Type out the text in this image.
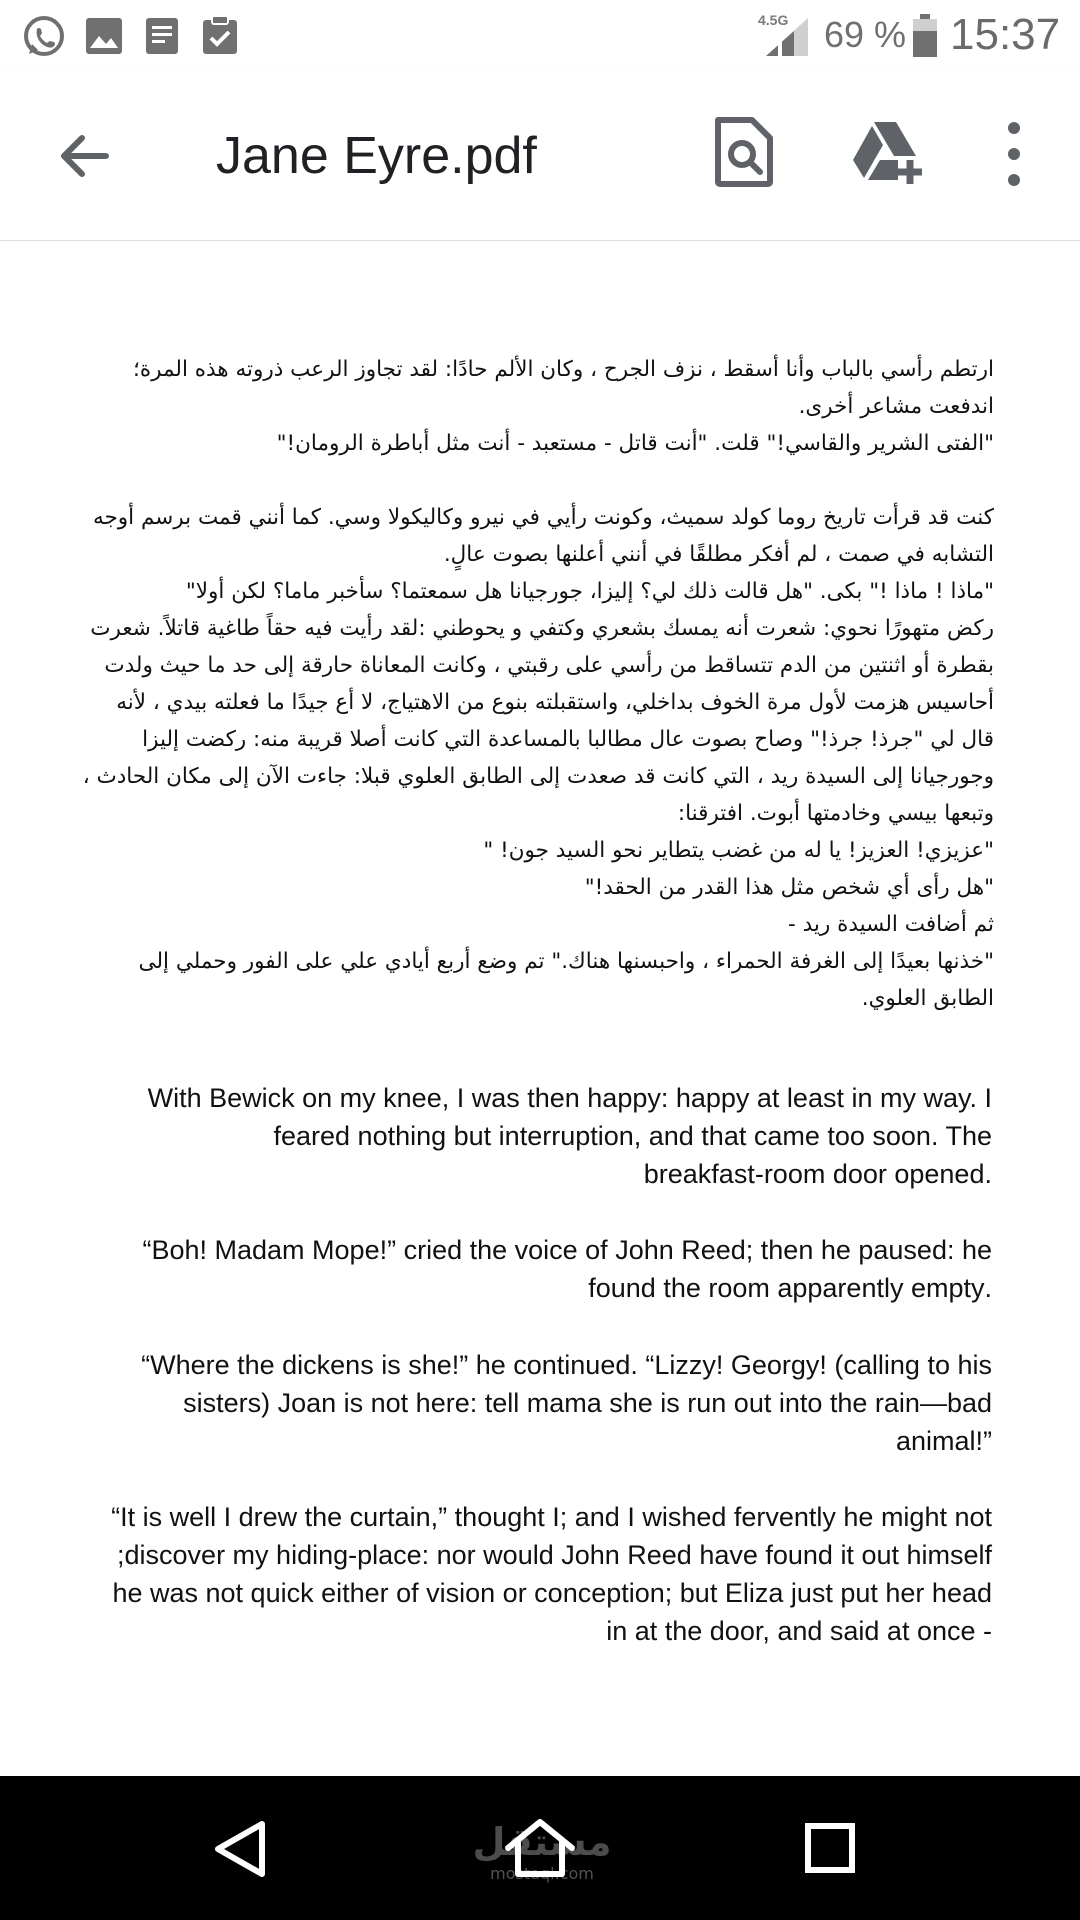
4.5G 69 % 15:37
Jane Eyre.pdf

ارتطم رأسي بالباب وأنا أسقط ، نزف الجرح ، وكان الألم حادًا: لقد تجاوز الرعب ذروته هذه المرة؛

اندفعت مشاعر أخرى.

"الفتى الشرير والقاسي!" قلت. "أنت قاتل - مستعبد - أنت مثل أباطرة الرومان!"

كنت قد قرأت تاريخ روما كولد سميث، وكونت رأيي في نيرو وكاليكولا وسي. كما أنني قمت برسم أوجه

التشابه في صمت ، لم أفكر مطلقًا في أنني أعلنها بصوت عالٍ.

"ماذا ! ماذا !" بكى. "هل قالت ذلك لي؟ إليزا، جورجيانا هل سمعتما؟ سأخبر ماما؟ لكن أولا"

ركض متهورًا نحوي: شعرت أنه يمسك بشعري وكتفي و يحوطني :لقد رأيت فيه حقاً طاغية قاتلاً. شعرت

بقطرة أو اثنتين من الدم تتساقط من رأسي على رقبتي ، وكانت المعاناة حارقة إلى حد ما حيث ولدت

أحاسيس هزمت لأول مرة الخوف بداخلي، واستقبلته بنوع من الاهتياج، لا أع جيدًا ما فعلته بيدي ، لأنه

قال لي "جرذ! جرذ!" وصاح بصوت عال مطالبا بالمساعدة التي كانت أصلا قريبة منه: ركضت إليزا

وجورجيانا إلى السيدة ريد ، التي كانت قد صعدت إلى الطابق العلوي قبلا: جاءت الآن إلى مكان الحادث ،

وتبعها بيسي وخادمتها أبوت. افترقنا:

"عزيزي! العزيز! يا له من غضب يتطاير نحو السيد جون! "

"هل رأى أي شخص مثل هذا القدر من الحقد!"

ثم أضافت السيدة ريد -

"خذنها بعيدًا إلى الغرفة الحمراء ، واحبسنها هناك." تم وضع أربع أيادي علي على الفور وحملي إلى

الطابق العلوي.

With Bewick on my knee, I was then happy: happy at least in my way. I

feared nothing but interruption, and that came too soon. The

.breakfast-room door opened

Boh! Madam Mope!” cried the voice of John Reed; then he paused: he“

.found the room apparently empty

Where the dickens is she!” he continued. “Lizzy! Georgy! (calling to his“

sisters) Joan is not here: tell mama she is run out into the rain—bad

”!animal

It is well I drew the curtain,” thought I; and I wished fervently he might not“

discover my hiding-place: nor would John Reed have found it out himself;

he was not quick either of vision or conception; but Eliza just put her head

- in at the door, and said at once

مستقل
mostaql.com
